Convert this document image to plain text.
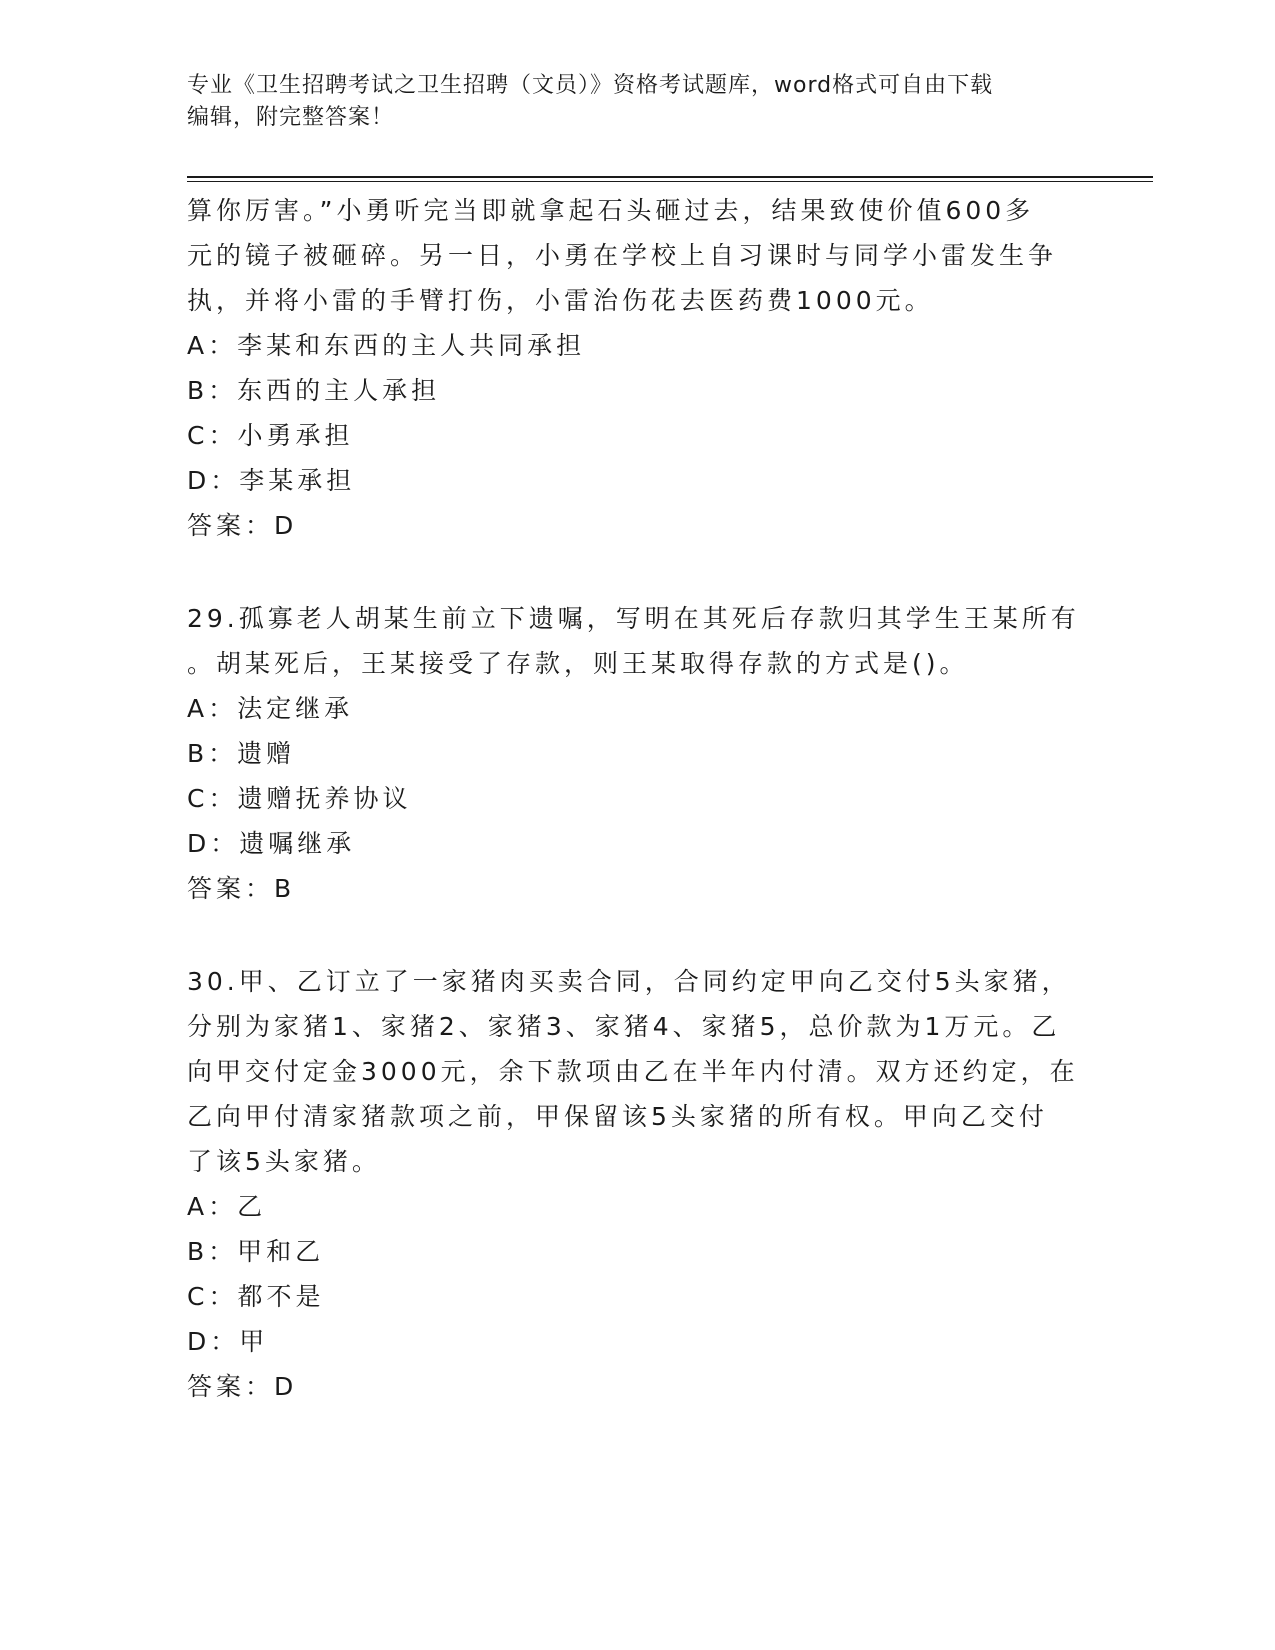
专业《卫生招聘考试之卫生招聘（文员）》资格考试题库，word格式可自由下载
编辑，附完整答案！

算你厉害。”小勇听完当即就拿起石头砸过去，结果致使价值600多

元的镜子被砸碎。另一日，小勇在学校上自习课时与同学小雷发生争

执，并将小雷的手臂打伤，小雷治伤花去医药费1000元。

A：李某和东西的主人共同承担

B：东西的主人承担

C：小勇承担

D：李某承担

答案：D

29.孤寡老人胡某生前立下遗嘱，写明在其死后存款归其学生王某所有

。胡某死后，王某接受了存款，则王某取得存款的方式是()。

A：法定继承

B：遗赠

C：遗赠抚养协议

D：遗嘱继承

答案：B

30.甲、乙订立了一家猪肉买卖合同，合同约定甲向乙交付5头家猪，

分别为家猪1、家猪2、家猪3、家猪4、家猪5，总价款为1万元。乙

向甲交付定金3000元，余下款项由乙在半年内付清。双方还约定，在

乙向甲付清家猪款项之前，甲保留该5头家猪的所有权。甲向乙交付

了该5头家猪。

A：乙

B：甲和乙

C：都不是

D：甲

答案：D
